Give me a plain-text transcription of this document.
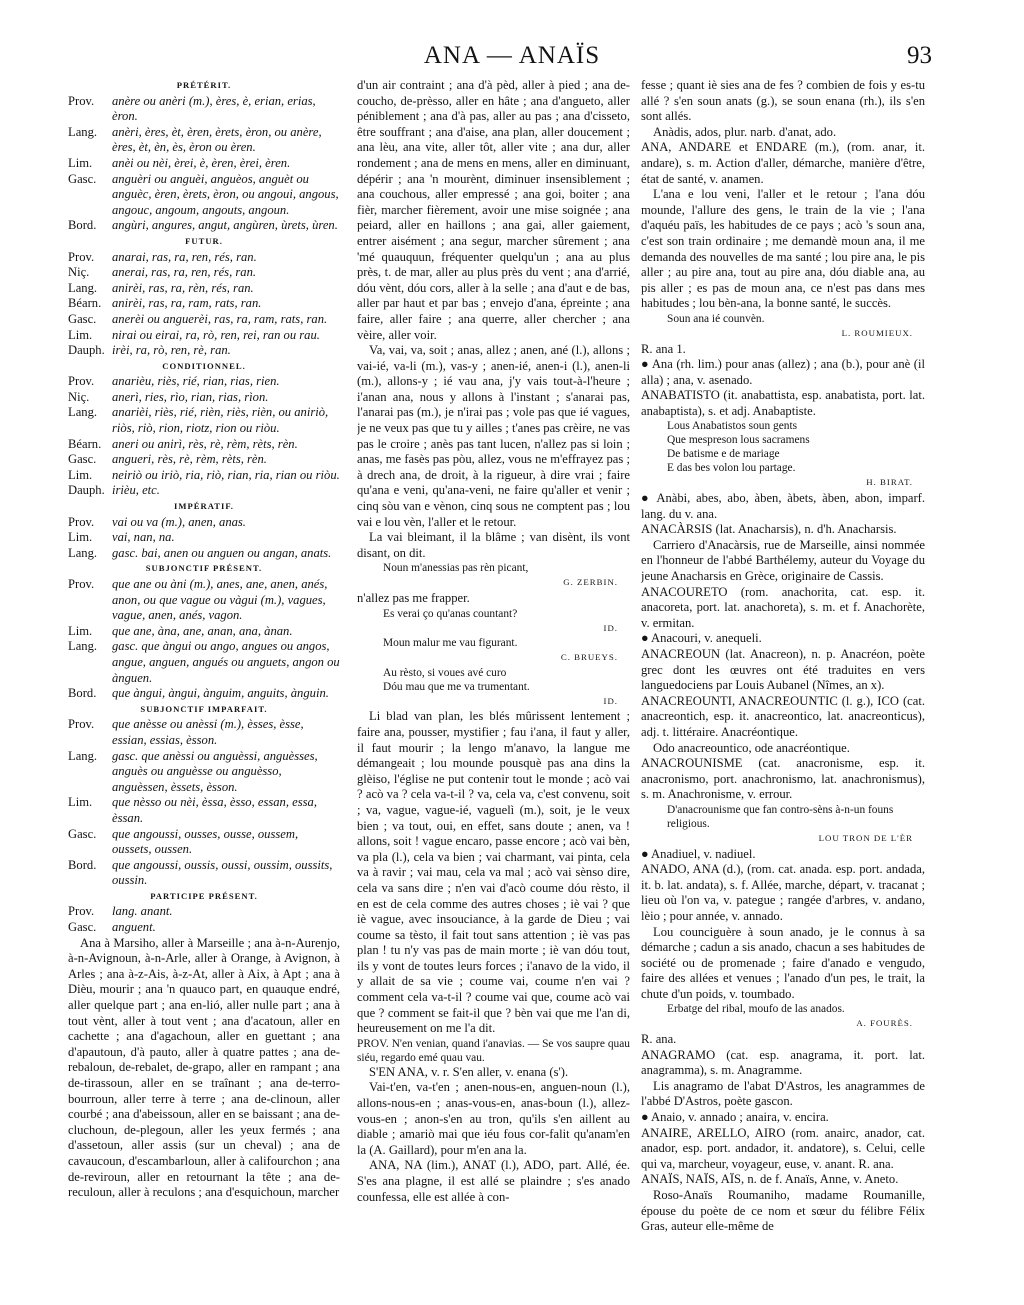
ANA — ANAÏS	93
PRÉTÉRIT.
Prov.	anère ou anèri (m.), ères, è, erian, erias, èron.
Lang.	anèri, ères, èt, èren, èrets, èron, ou anère, ères, èt, èn, ès, èron ou èren.
Lim.	anèi ou nèi, èrei, è, èren, èrei, èren.
Gasc.	anguèri ou anguèi, anguèos, anguèt ou anguèc, èren, èrets, èron, ou angoui, angous, angouc, angoum, angouts, angoun.
Bord.	angùri, angures, angut, angùren, ùrets, ùren.
FUTUR.
Prov.	anarai, ras, ra, ren, rés, ran.
Niç.	anerai, ras, ra, ren, rés, ran.
Lang.	anirèi, ras, ra, rèn, rés, ran.
Béarn. anirèi, ras, ra, ram, rats, ran.
Gasc.	anerèi ou anguerèi, ras, ra, ram, rats, ran.
Lim.	nirai ou eirai, ra, rò, ren, rei, ran ou rau.
Dauph. irèi, ra, rò, ren, rè, ran.
CONDITIONNEL.
Prov.	anarièu, riès, rié, rian, rias, rien.
Niç.	anerì, ries, rìo, rian, rias, rìon.
Lang.	anarièi, riès, rié, rièn, riès, rièn, ou aniriò, riòs, riò, rion, riotz, rion ou riòu.
Béarn. aneri ou anirì, rès, rè, rèm, rèts, rèn.
Gasc.	angueri, rès, rè, rèm, rèts, rèn.
Lim.	neiriò ou iriò, ria, riò, rian, ria, rian ou riòu.
Dauph. irièu, etc.
IMPÉRATIF.
Prov.	vai ou va (m.), anen, anas.
Lim.	vai, nan, na.
Lang.	gasc. bai, anen ou anguen ou angan, anats.
SUBJONCTIF PRÉSENT.
Prov.	que ane ou àni (m.), anes, ane, anen, anés, anon, ou que vague ou vàgui (m.), vagues, vague, anen, anés, vagon.
Lim.	que ane, àna, ane, anan, ana, ànan.
Lang.	gasc. que àngui ou ango, angues ou angos, angue, anguen, angués ou anguets, angon ou ànguen.
Bord.	que àngui, àngui, ànguim, anguits, ànguin.
SUBJONCTIF IMPARFAIT.
Prov.	que anèsse ou anèssi (m.), èsses, èsse, essian, essias, èsson.
Lang.	gasc. que anèssi ou anguèssi, anguèsses, anguès ou anguèsse ou anguèsso, anguèssen, èssets, èsson.
Lim.	que nèsso ou nèi, èssa, èsso, essan, essa, èssan.
Gasc.	que angoussi, ousses, ousse, oussem, oussets, oussen.
Bord.	que angoussi, oussis, oussi, oussim, oussits, oussin.
PARTICIPE PRÉSENT.
Prov.	lang. anant.
Gasc.	anguent.
Ana à Marsiho, aller à Marseille ; ana à-n-Aurenjo, à-n-Avignoun, à-n-Arle, aller à Orange, à Avignon, à Arles ; ana à-z-Ais, à-z-At, aller à Aix, à Apt ; ana à Dièu, mourir ; ana 'n quauco part, en quauque endré, aller quelque part ; ana en-lió, aller nulle part ; ana à tout vènt, aller à tout vent ; ana d'acatoun, aller en cachette ; ana d'agachoun, aller en guettant ; ana d'apautoun, d'à pauto, aller à quatre pattes ; ana de-rebaloun, de-rebalet, de-grapo, aller en rampant ; ana de-tirassoun, aller en se traînant ; ana de-terro-bourroun, aller terre à terre ; ana de-clinoun, aller courbé ; ana d'abeissoun, aller en se baissant ; ana de-cluchoun, de-plegoun, aller les yeux fermés ; ana d'assetoun, aller assis (sur un cheval) ; ana de cavaucoun, d'escambarloun, aller à califourchon ; ana de-reviroun, aller en retournant la tête ; ana de-reculoun, aller à reculons ; ana d'esquichoun, marcher
d'un air contraint ; ana d'à pèd, aller à pied ; ana de-coucho, de-prèsso, aller en hâte ; ana d'angueto, aller péniblement ; ana d'à pas, aller au pas ; ana d'cisseto, être souffrant ; ana d'aise, ana plan, aller doucement ; ana lèu, ana vite, aller tôt, aller vite ; ana dur, aller rondement ; ana de mens en mens, aller en diminuant, dépérir ; ana 'n mourènt, diminuer insensiblement ; ana couchous, aller empressé ; ana goi, boiter ; ana fièr, marcher fièrement, avoir une mise soignée ; ana peiard, aller en haillons ; ana gai, aller gaiement, entrer aisément ; ana segur, marcher sûrement ; ana 'mé quauquun, fréquenter quelqu'un ; ana au plus près, t. de mar, aller au plus près du vent ; ana d'arrié, dóu vènt, dóu cors, aller à la selle ; ana d'aut e de bas, aller par haut et par bas ; envejo d'ana, épreinte ; ana faire, aller faire ; ana querre, aller chercher ; ana vèire, aller voir.
Va, vai, va, soit ; anas, allez ; anen, ané (l.), allons ; vai-ié, va-li (m.), vas-y ; anen-ié, anen-i (l.), anen-li (m.), allons-y ; ié vau ana, j'y vais tout-à-l'heure ; i'anan ana, nous y allons à l'instant ; s'anarai pas, l'anarai pas (m.), je n'irai pas ; vole pas que ié vagues, je ne veux pas que tu y ailles ; t'anes pas crèire, ne vas pas le croire ; anès pas tant lucen, n'allez pas si loin ; anas, me fasès pas pòu, allez, vous ne m'effrayez pas ; à drech ana, de droit, à la rigueur, à dire vrai ; faire qu'ana e veni, qu'ana-veni, ne faire qu'aller et venir ; cinq sòu van e vènon, cinq sous ne comptent pas ; lou vai e lou vèn, l'aller et le retour.
La vai bleimant, il la blâme ; van disènt, ils vont disant, on dit.
Noun m'anessias pas rèn picant,
G. ZERBIN.
n'allez pas me frapper.
Es verai ço qu'anas countant?
ID.
Moun malur me vau figurant.
C. BRUEYS.
Au rèsto, si voues avé curo
Dóu mau que me va trumentant.
ID.
Li blad van plan, les blés mûrissent lentement ; faire ana, pousser, mystifier ; fau i'ana, il faut y aller, il faut mourir ; la lengo m'anavo, la langue me démangeait ; lou mounde pousquè pas ana dins la glèiso, l'église ne put contenir tout le monde ; acò vai ? acò va ? cela va-t-il ? va, cela va, c'est convenu, soit ; va, vague, vague-ié, vaguelì (m.), soit, je le veux bien ; va tout, oui, en effet, sans doute ; anen, va ! allons, soit ! vague encaro, passe encore ; acò vai bèn, va pla (l.), cela va bien ; vai charmant, vai pinta, cela va à ravir ; vai mau, cela va mal ; acò vai sènso dire, cela va sans dire ; n'en vai d'acò coume dóu rèsto, il en est de cela comme des autres choses ; iè vai ? que iè vague, avec insouciance, à la garde de Dieu ; vai coume sa tèsto, il fait tout sans attention ; iè vas pas plan ! tu n'y vas pas de main morte ; iè van dóu tout, ils y vont de toutes leurs forces ; i'anavo de la vido, il y allait de sa vie ; coume vai, coume n'en vai ? comment cela va-t-il ? coume vai que, coume acò vai que ? comment se fait-il que ? bèn vai que me l'an di, heureusement on me l'a dit.
PROV. N'en venian, quand i'anavias. — Se vos saupre quau siéu, regardo emé quau vau.
S'EN ANA, v. r. S'en aller, v. enana (s').
Vai-t'en, va-t'en ; anen-nous-en, anguen-noun (l.), allons-nous-en ; anas-vous-en, anas-boun (l.), allez-vous-en ; anon-s'en au tron, qu'ils s'en aillent au diable ; amariò mai que iéu fous cor-falit qu'anam'en la (A. Gaillard), pour m'en ana la.
ANA, NA (lim.), ANAT (l.), ADO, part. Allé, ée. S'es ana plagne, il est allé se plaindre ; s'es anado counfessa, elle est allée à con-
fesse ; quant iè sies ana de fes ? combien de fois y es-tu allé ? s'en soun anats (g.), se soun enana (rh.), ils s'en sont allés.
Anàdis, ados, plur. narb. d'anat, ado.
ANA, ANDARE et ENDARE (m.), (rom. anar, it. andare), s. m. Action d'aller, démarche, manière d'être, état de santé, v. anamen.
L'ana e lou veni, l'aller et le retour ; l'ana dóu mounde, l'allure des gens, le train de la vie ; l'ana d'aquéu païs, les habitudes de ce pays ; acò 's soun ana, c'est son train ordinaire ; me demandè moun ana, il me demanda des nouvelles de ma santé ; lou pire ana, le pis aller ; au pire ana, tout au pire ana, dóu diable ana, au pis aller ; es pas de moun ana, ce n'est pas dans mes habitudes ; lou bèn-ana, la bonne santé, le succès.
Soun ana ié counvèn.
L. ROUMIEUX.
R. ana 1.
● Ana (rh. lim.) pour anas (allez) ; ana (b.), pour anè (il alla) ; ana, v. asenado.
ANABATISTO (it. anabattista, esp. anabatista, port. lat. anabaptista), s. et adj. Anabaptiste.
Lous Anabatistos soun gents
Que mespreson lous sacramens
De batisme e de mariage
E das bes volon lou partage.
H. BIRAT.
● Anàbi, abes, abo, àben, àbets, àben, abon, imparf. lang. du v. ana.
ANACÀRSIS (lat. Anacharsis), n. d'h. Anacharsis.
Carriero d'Anacàrsis, rue de Marseille, ainsi nommée en l'honneur de l'abbé Barthélemy, auteur du Voyage du jeune Anacharsis en Grèce, originaire de Cassis.
ANACOURETO (rom. anachorita, cat. esp. it. anacoreta, port. lat. anachoreta), s. m. et f. Anachorète, v. ermitan.
● Anacouri, v. anequeli.
ANACREOUN (lat. Anacreon), n. p. Anacréon, poète grec dont les œuvres ont été traduites en vers languedociens par Louis Aubanel (Nîmes, an x).
ANACREOUNTI, ANACREOUNTIC (l. g.), ICO (cat. anacreontich, esp. it. anacreontico, lat. anacreonticus), adj. t. littéraire. Anacréontique.
Odo anacreountico, ode anacréontique.
ANACROUNISME (cat. anacronisme, esp. it. anacronismo, port. anachronismo, lat. anachronismus), s. m. Anachronisme, v. errour.
D'anacrounisme que fan contro-sèns à-n-un founs religious.
LOU TRON DE L'ÈR
● Anadiuel, v. nadiuel.
ANADO, ANA (d.), (rom. cat. anada. esp. port. andada, it. b. lat. andata), s. f. Allée, marche, départ, v. tracanat ; lieu où l'on va, v. pategue ; rangée d'arbres, v. andano, lèio ; pour année, v. annado.
Lou counciguère à soun anado, je le connus à sa démarche ; cadun a sis anado, chacun a ses habitudes de société ou de promenade ; faire d'anado e vengudo, faire des allées et venues ; l'anado d'un pes, le trait, la chute d'un poids, v. toumbado.
Erbatge del ribal, moufo de las anados.
A. FOURÈS.
R. ana.
ANAGRAMO (cat. esp. anagrama, it. port. lat. anagramma), s. m. Anagramme.
Lis anagramo de l'abat D'Astros, les anagrammes de l'abbé D'Astros, poète gascon.
● Anaio, v. annado ; anaira, v. encira.
ANAIRE, ARELLO, AIRO (rom. anairc, anador, cat. anador, esp. port. andador, it. andatore), s. Celui, celle qui va, marcheur, voyageur, euse, v. anant. R. ana.
ANAÏS, NAÏS, AÏS, n. de f. Anaïs, Anne, v. Aneto.
Roso-Anaïs Roumaniho, madame Roumanille, épouse du poète de ce nom et sœur du félibre Félix Gras, auteur elle-même de
